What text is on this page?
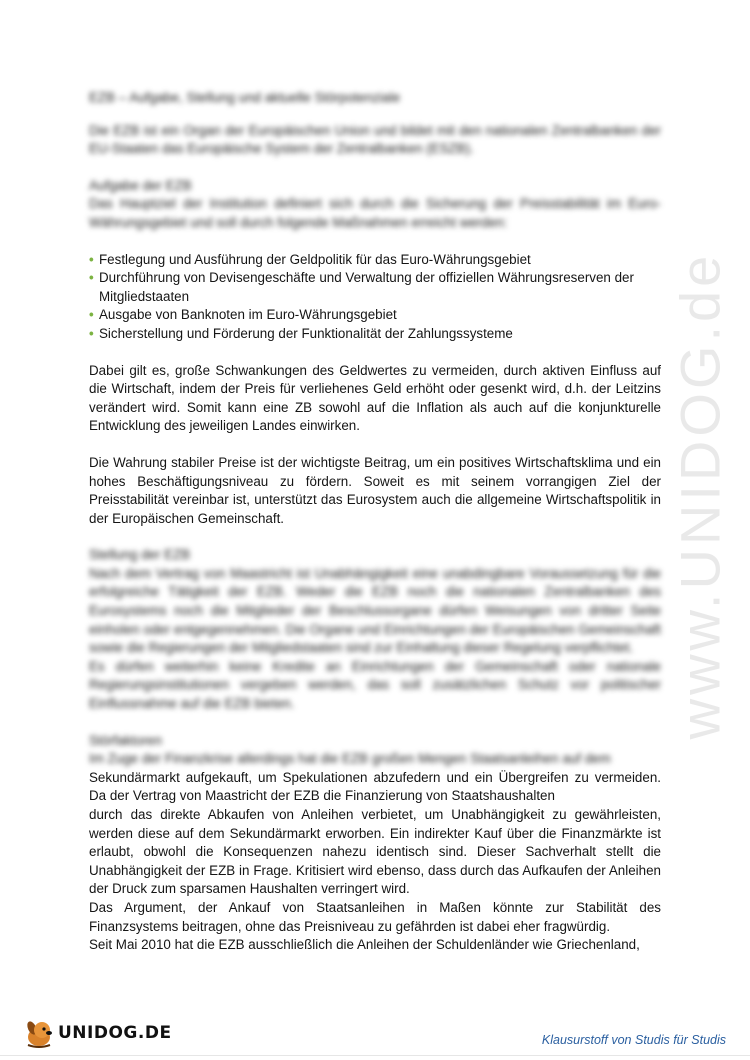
www.UNIDOG.de

EZB – Aufgabe, Stellung und aktuelle Störpotenziale

Die EZB ist ein Organ der Europäischen Union und bildet mit den nationalen Zentralbanken der EU-Staaten das Europäische System der Zentralbanken (ESZB).

Aufgabe der EZB

Das Hauptziel der Institution definiert sich durch die Sicherung der Preisstabilität im Euro-Währungsgebiet und soll durch folgende Maßnahmen erreicht werden:

• Festlegung und Ausführung der Geldpolitik für das Euro-Währungsgebiet
• Durchführung von Devisengeschäfte und Verwaltung der offiziellen Währungsreserven der Mitgliedstaaten
• Ausgabe von Banknoten im Euro-Währungsgebiet
• Sicherstellung und Förderung der Funktionalität der Zahlungssysteme

Dabei gilt es, große Schwankungen des Geldwertes zu vermeiden, durch aktiven Einfluss auf die Wirtschaft, indem der Preis für verliehenes Geld erhöht oder gesenkt wird, d.h. der Leitzins verändert wird. Somit kann eine ZB sowohl auf die Inflation als auch auf die konjunkturelle Entwicklung des jeweiligen Landes einwirken.

Die Wahrung stabiler Preise ist der wichtigste Beitrag, um ein positives Wirtschaftsklima und ein hohes Beschäftigungsniveau zu fördern. Soweit es mit seinem vorrangigen Ziel der Preisstabilität vereinbar ist, unterstützt das Eurosystem auch die allgemeine Wirtschaftspolitik in der Europäischen Gemeinschaft.

Stellung der EZB

Nach dem Vertrag von Maastricht ist Unabhängigkeit eine unabdingbare Voraussetzung für die erfolgreiche Tätigkeit der EZB. Weder die EZB noch die nationalen Zentralbanken des Eurosystems noch die Mitglieder der Beschlussorgane dürfen Weisungen von dritter Seite einholen oder entgegennehmen. Die Organe und Einrichtungen der Europäischen Gemeinschaft sowie die Regierungen der Mitgliedstaaten sind zur Einhaltung dieser Regelung verpflichtet.

Es dürfen weiterhin keine Kredite an Einrichtungen der Gemeinschaft oder nationale Regierungsinstitutionen vergeben werden, das soll zusätzlichen Schutz vor politischer Einflussnahme auf die EZB bieten.

Störfaktoren

Im Zuge der Finanzkrise allerdings hat die EZB großen Mengen Staatsanleihen auf dem

Sekundärmarkt aufgekauft, um Spekulationen abzufedern und ein Übergreifen zu vermeiden. Da der Vertrag von Maastricht der EZB die Finanzierung von Staatshaushalten

durch das direkte Abkaufen von Anleihen verbietet, um Unabhängigkeit zu gewährleisten, werden diese auf dem Sekundärmarkt erworben. Ein indirekter Kauf über die Finanzmärkte ist erlaubt, obwohl die Konsequenzen nahezu identisch sind. Dieser Sachverhalt stellt die Unabhängigkeit der EZB in Frage. Kritisiert wird ebenso, dass durch das Aufkaufen der Anleihen der Druck zum sparsamen Haushalten verringert wird.

Das Argument, der Ankauf von Staatsanleihen in Maßen könnte zur Stabilität des Finanzsystems beitragen, ohne das Preisniveau zu gefährden ist dabei eher fragwürdig.

Seit Mai 2010 hat die EZB ausschließlich die Anleihen der Schuldenländer wie Griechenland,

UNIDOG.DE	Klausurstoff von Studis für Studis
